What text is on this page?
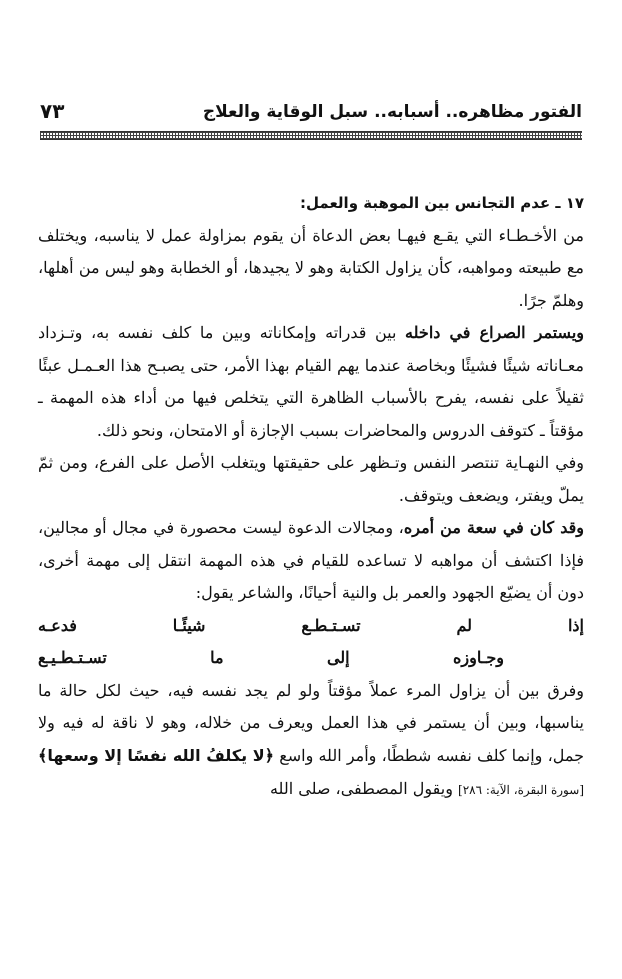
الفتور مظاهره.. أسبابه.. سبل الوقاية والعلاج
٧٣

١٧ ـ عدم التجانس بين الموهبة والعمل:

من الأخـطـاء التي يقـع فيهـا بعض الدعاة أن يقوم بمزاولة عمل لا يناسبه، ويختلف مع طبيعته ومواهبه، كأن يزاول الكتابة وهو لا يجيدها، أو الخطابة وهو ليس من أهلها، وهلمّ جرًا.

ويستمر الصراع في داخله بين قدراته وإمكاناته وبين ما كلف نفسه به، وتـزداد معـاناته شيئًا فشيئًا وبخاصة عندما يهم القيام بهذا الأمر، حتى يصبـح هذا العـمـل عبئًا ثقيلاً على نفسه، يفرح بالأسباب الظاهرة التي يتخلص فيها من أداء هذه المهمة ـ مؤقتاً ـ كتوقف الدروس والمحاضرات بسبب الإجازة أو الامتحان، ونحو ذلك.

وفي النهـاية تنتصر النفس وتـظهر على حقيقتها ويتغلب الأصل على الفرع، ومن ثمّ يملّ ويفتر، ويضعف ويتوقف.

وقد كان في سعة من أمره، ومجالات الدعوة ليست محصورة في مجال أو مجالين، فإذا اكتشف أن مواهبه لا تساعده للقيام في هذه المهمة انتقل إلى مهمة أخرى، دون أن يضيّع الجهود والعمر بل والنية أحيانًا، والشاعر يقول:

إذا
لم
تسـتـطـع
شيئًـا
فدعـه
وجـاوزه
إلى
ما
تسـتـطـيـع

وفرق بين أن يزاول المرء عملاً مؤقتاً ولو لم يجد نفسه فيه، حيث لكل حالة ما يناسبها، وبين أن يستمر في هذا العمل ويعرف من خلاله، وهو لا ناقة له فيه ولا جمل، وإنما كلف نفسه شططًا، وأمر الله واسع ﴿لا يكلفُ الله نفسًا إلا وسعها﴾ [سورة البقرة، الآية: ٢٨٦] ويقول المصطفى، صلى الله
